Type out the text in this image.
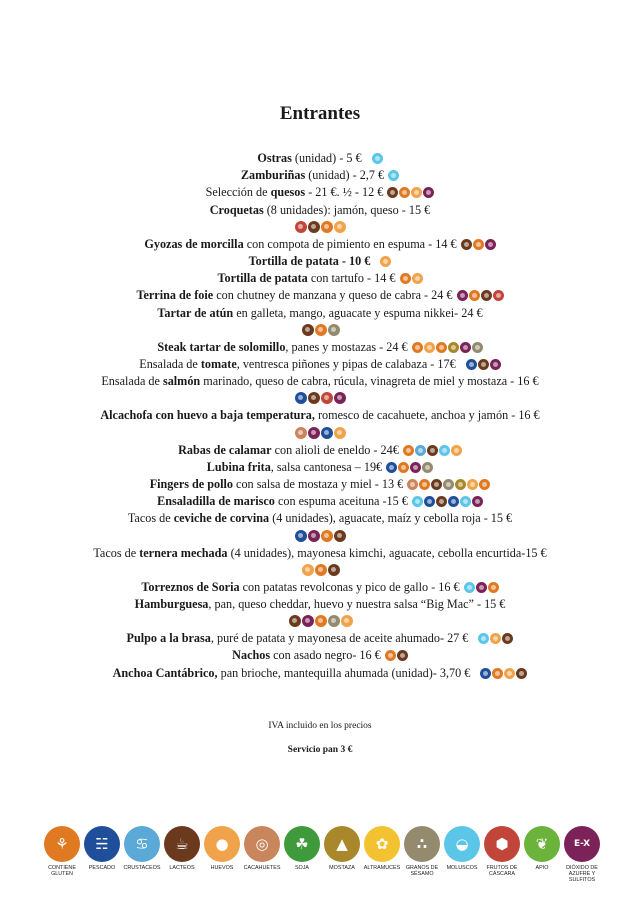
Entrantes
Ostras (unidad) - 5 €
Zamburiñas (unidad) - 2,7 €
Selección de quesos - 21 €. ½ - 12 €
Croquetas (8 unidades): jamón, queso - 15 €
Gyozas de morcilla con compota de pimiento en espuma - 14 €
Tortilla de patata - 10 €
Tortilla de patata con tartufo - 14 €
Terrina de foie con chutney de manzana y queso de cabra - 24 €
Tartar de atún en galleta, mango, aguacate y espuma nikkei- 24 €
Steak tartar de solomillo, panes y mostazas - 24 €
Ensalada de tomate, ventresca piñones y pipas de calabaza - 17€
Ensalada de salmón marinado, queso de cabra, rúcula, vinagreta de miel y mostaza - 16 €
Alcachofa con huevo a baja temperatura, romesco de cacahuete, anchoa y jamón - 16 €
Rabas de calamar con alioli de eneldo - 24€
Lubina frita, salsa cantonesa – 19€
Fingers de pollo con salsa de mostaza y miel - 13 €
Ensaladilla de marisco con espuma aceituna -15 €
Tacos de ceviche de corvina (4 unidades), aguacate, maíz y cebolla roja - 15 €
Tacos de ternera mechada (4 unidades), mayonesa kimchi, aguacate, cebolla encurtida-15 €
Torreznos de Soria con patatas revolconas y pico de gallo - 16 €
Hamburguesa, pan, queso cheddar, huevo y nuestra salsa “Big Mac” - 15 €
Pulpo a la brasa, puré de patata y mayonesa de aceite ahumado- 27 €
Nachos con asado negro- 16 €
Anchoa Cantábrico, pan brioche, mantequilla ahumada (unidad)- 3,70 €
IVA incluido en los precios
Servicio pan 3 €
⚘
CONTIENE GLUTEN
☵
PESCADO
♋
CRUSTACEOS
☕
LACTEOS
●
HUEVOS
◎
CACAHUETES
☘
SOJA
▲
MOSTAZA
✿
ALTRAMUCES
∴
GRANOS DE SÉSAMO
◒
MOLUSCOS
⬢
FRUTOS DE CÁSCARA
❦
APIO
E-X
DIÓXIDO DE AZUFRE Y SULFITOS
